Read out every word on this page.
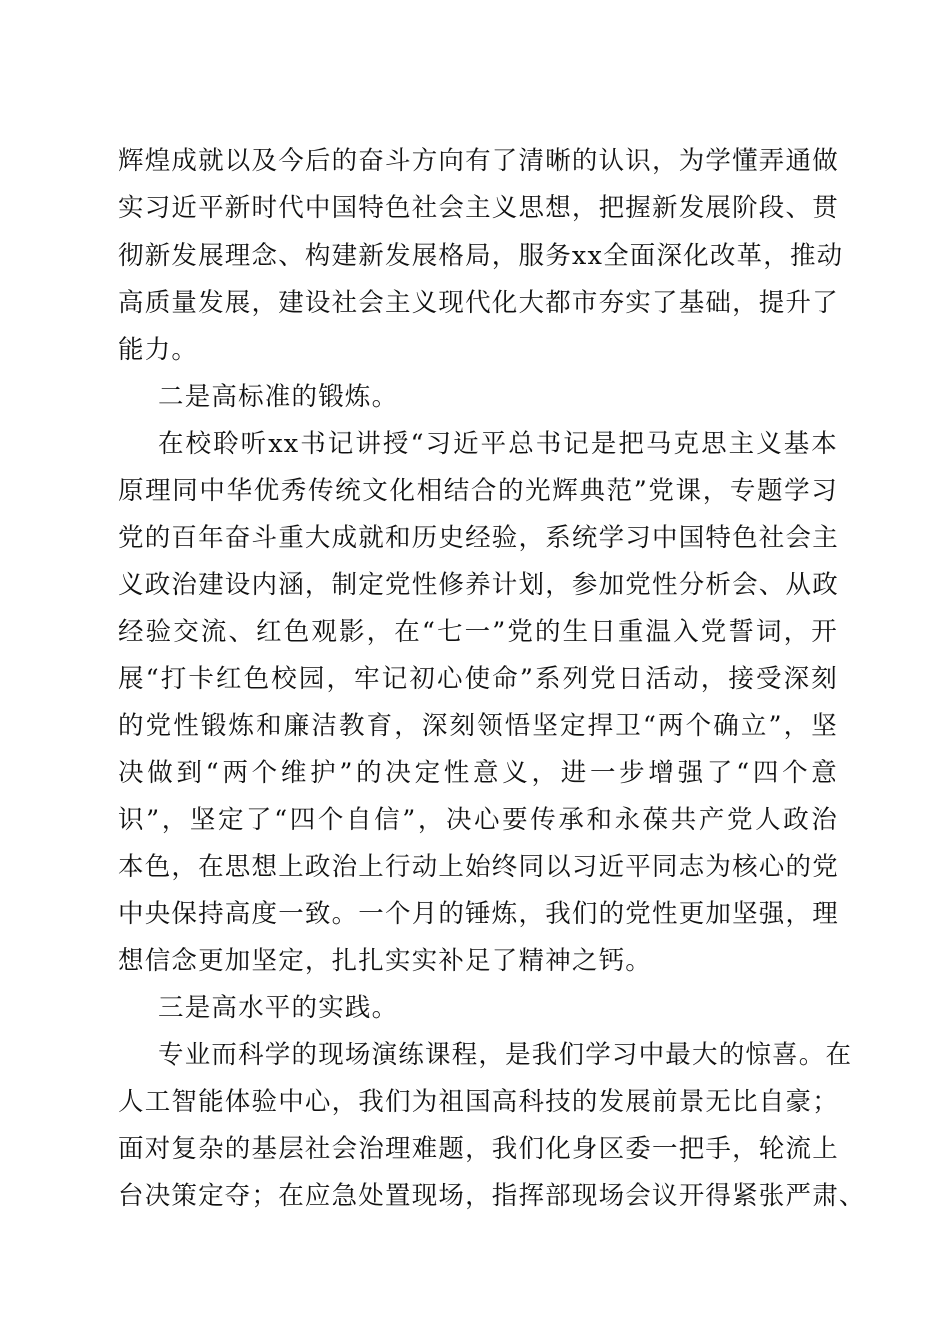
辉煌成就以及今后的奋斗方向有了清晰的认识，为学懂弄通做
实习近平新时代中国特色社会主义思想，把握新发展阶段、贯
彻新发展理念、构建新发展格局，服务xx全面深化改革，推动
高质量发展，建设社会主义现代化大都市夯实了基础，提升了
能力。
二是高标准的锻炼。
在校聆听xx书记讲授“习近平总书记是把马克思主义基本
原理同中华优秀传统文化相结合的光辉典范”党课，专题学习
党的百年奋斗重大成就和历史经验，系统学习中国特色社会主
义政治建设内涵，制定党性修养计划，参加党性分析会、从政
经验交流、红色观影，在“七一”党的生日重温入党誓词，开
展“打卡红色校园，牢记初心使命”系列党日活动，接受深刻
的党性锻炼和廉洁教育，深刻领悟坚定捍卫“两个确立”，坚
决做到“两个维护”的决定性意义，进一步增强了“四个意
识”，坚定了“四个自信”，决心要传承和永葆共产党人政治
本色，在思想上政治上行动上始终同以习近平同志为核心的党
中央保持高度一致。一个月的锤炼，我们的党性更加坚强，理
想信念更加坚定，扎扎实实补足了精神之钙。
三是高水平的实践。
专业而科学的现场演练课程，是我们学习中最大的惊喜。在
人工智能体验中心，我们为祖国高科技的发展前景无比自豪；
面对复杂的基层社会治理难题，我们化身区委一把手，轮流上
台决策定夺；在应急处置现场，指挥部现场会议开得紧张严肃、
